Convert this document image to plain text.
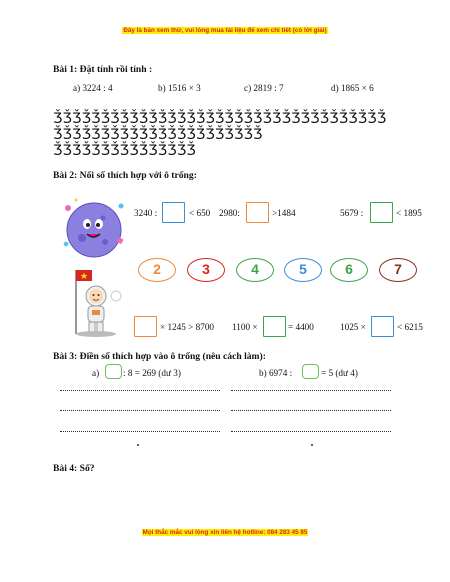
Đây là bản xem thử, vui lòng mua tài liệu để xem chi tiết (có lời giải)
Bài 1: Đặt tính rồi tính :
a) 3224 : 4	b) 1516 × 3	c) 2819 : 7	d) 1865 × 6
ǮǮǮǮǮǮǮǮǮǮǮǮǮǮǮǮǮǮǮǮǮǮǮǮǮǮǮǮǮǮǮǮǮǮǮ
ǮǮǮǮǮǮǮǮǮǮǮǮǮǮǮǮǮǮǮǮǮǮ
ǮǮǮǮǮǮǮǮǮǮǮǮǮǮǮ
Bài 2: Nối số thích hợp với ô trống:
3240 :	< 650 2980:	>1484	5679 :	< 1895
2	3	4	5	6	7
× 1245 > 8700 1100 ×	= 4400	1025 ×	< 6215
Bài 3: Điền số thích hợp vào ô trống (nêu cách làm):
a)	: 8 = 269 (dư 3)	b) 6974 :	= 5 (dư 4)
Bài 4: Số?
Mọi thắc mắc vui lòng xin liên hệ hotline: 084 283 45 85
